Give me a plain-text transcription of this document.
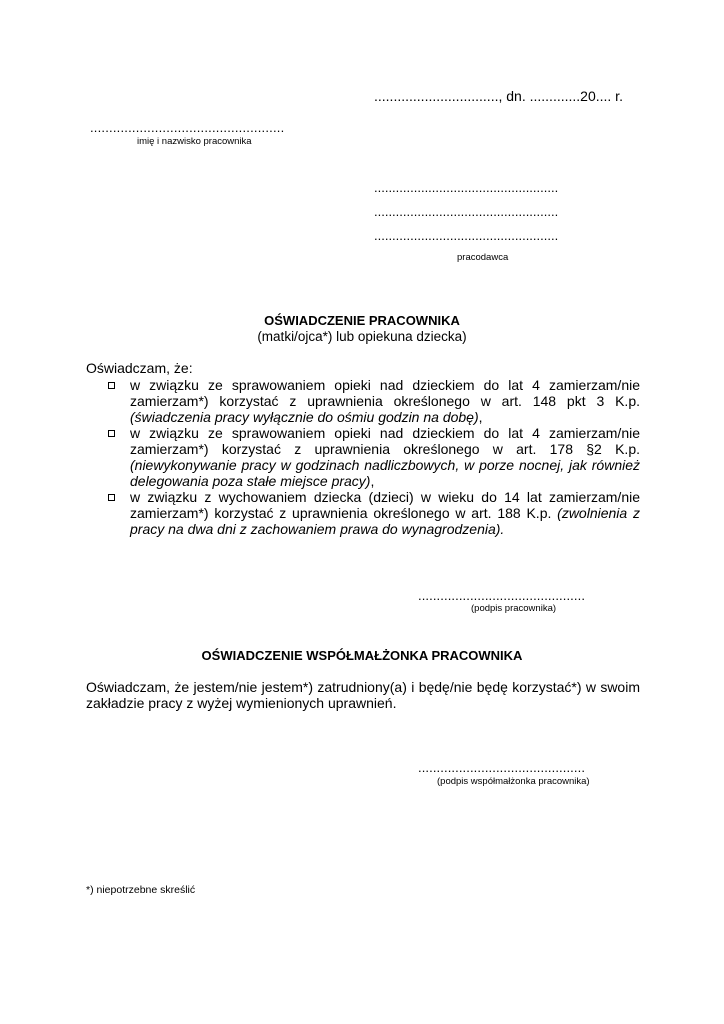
................................, dn. .............20.... r.
...................................................
imię i nazwisko pracownika
...................................................
...................................................
...................................................
pracodawca
OŚWIADCZENIE PRACOWNIKA
(matki/ojca*) lub opiekuna dziecka)
Oświadczam, że:
w związku ze sprawowaniem opieki nad dzieckiem do lat 4 zamierzam/nie zamierzam*) korzystać z uprawnienia określonego w art. 148 pkt 3 K.p. (świadczenia pracy wyłącznie do ośmiu godzin na dobę),
w związku ze sprawowaniem opieki nad dzieckiem do lat 4 zamierzam/nie zamierzam*) korzystać z uprawnienia określonego w art. 178 §2 K.p. (niewykonywanie pracy w godzinach nadliczbowych, w porze nocnej, jak również delegowania poza stałe miejsce pracy),
w związku z wychowaniem dziecka (dzieci) w wieku do 14 lat zamierzam/nie zamierzam*) korzystać z uprawnienia określonego w art. 188 K.p. (zwolnienia z pracy na dwa dni z zachowaniem prawa do wynagrodzenia).
.............................................
(podpis pracownika)
OŚWIADCZENIE WSPÓŁMAŁŻONKA PRACOWNIKA
Oświadczam, że jestem/nie jestem*) zatrudniony(a) i będę/nie będę korzystać*) w swoim zakładzie pracy z wyżej wymienionych uprawnień.
.............................................
(podpis współmałżonka pracownika)
*) niepotrzebne skreślić
